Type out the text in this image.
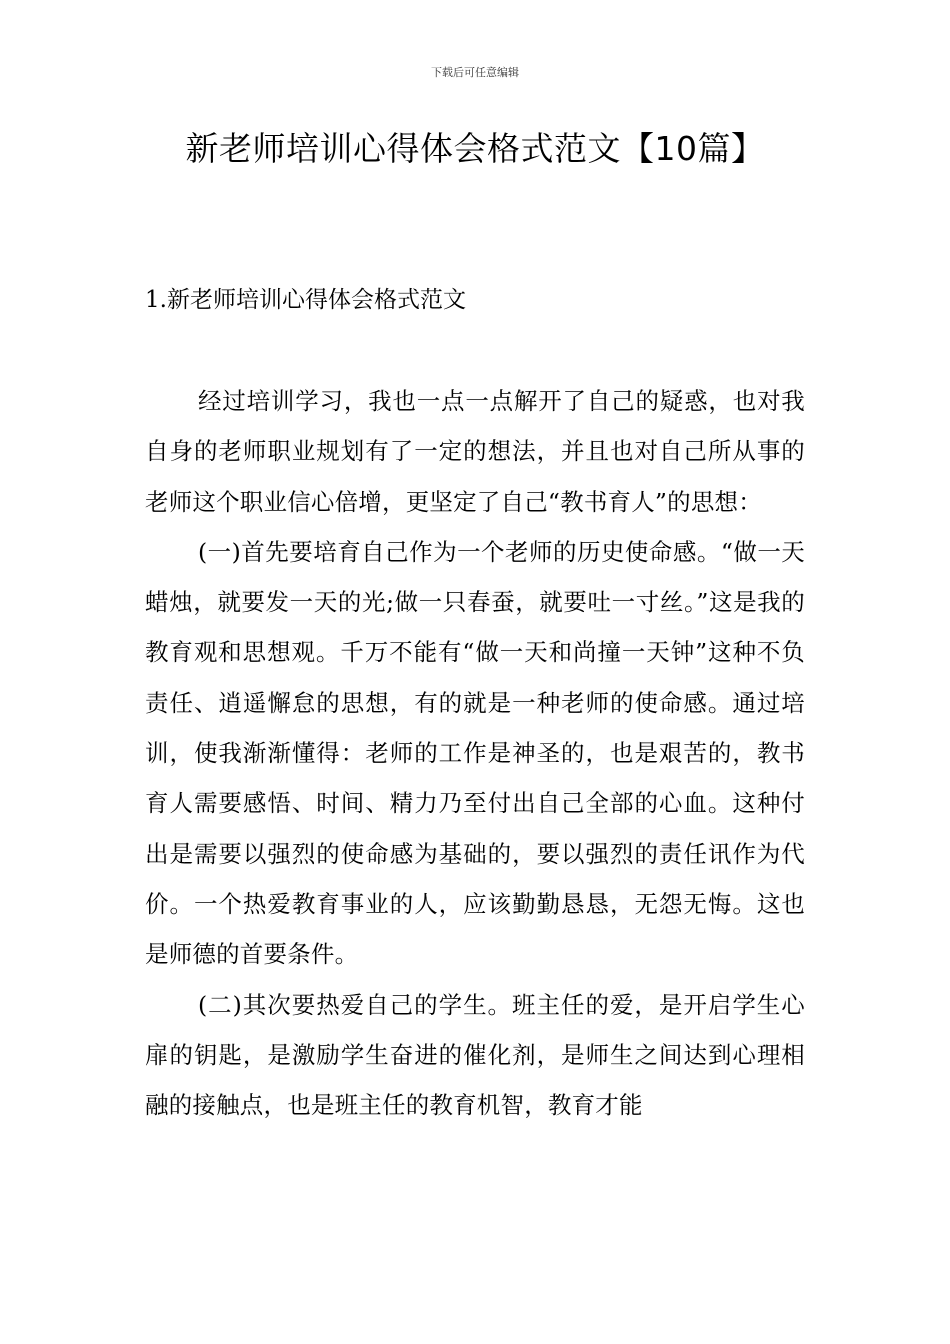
下载后可任意编辑
新老师培训心得体会格式范文【10篇】
1.新老师培训心得体会格式范文

经过培训学习，我也一点一点解开了自己的疑惑，也对我自身的老师职业规划有了一定的想法，并且也对自己所从事的老师这个职业信心倍增，更坚定了自己“教书育人”的思想：

(一)首先要培育自己作为一个老师的历史使命感。“做一天蜡烛，就要发一天的光;做一只春蚕，就要吐一寸丝。”这是我的教育观和思想观。千万不能有“做一天和尚撞一天钟”这种不负责任、逍遥懈怠的思想，有的就是一种老师的使命感。通过培训，使我渐渐懂得：老师的工作是神圣的，也是艰苦的，教书育人需要感悟、时间、精力乃至付出自己全部的心血。这种付出是需要以强烈的使命感为基础的，要以强烈的责任讯作为代价。一个热爱教育事业的人，应该勤勤恳恳，无怨无悔。这也是师德的首要条件。

(二)其次要热爱自己的学生。班主任的爱，是开启学生心扉的钥匙，是激励学生奋进的催化剂，是师生之间达到心理相融的接触点，也是班主任的教育机智，教育才能
